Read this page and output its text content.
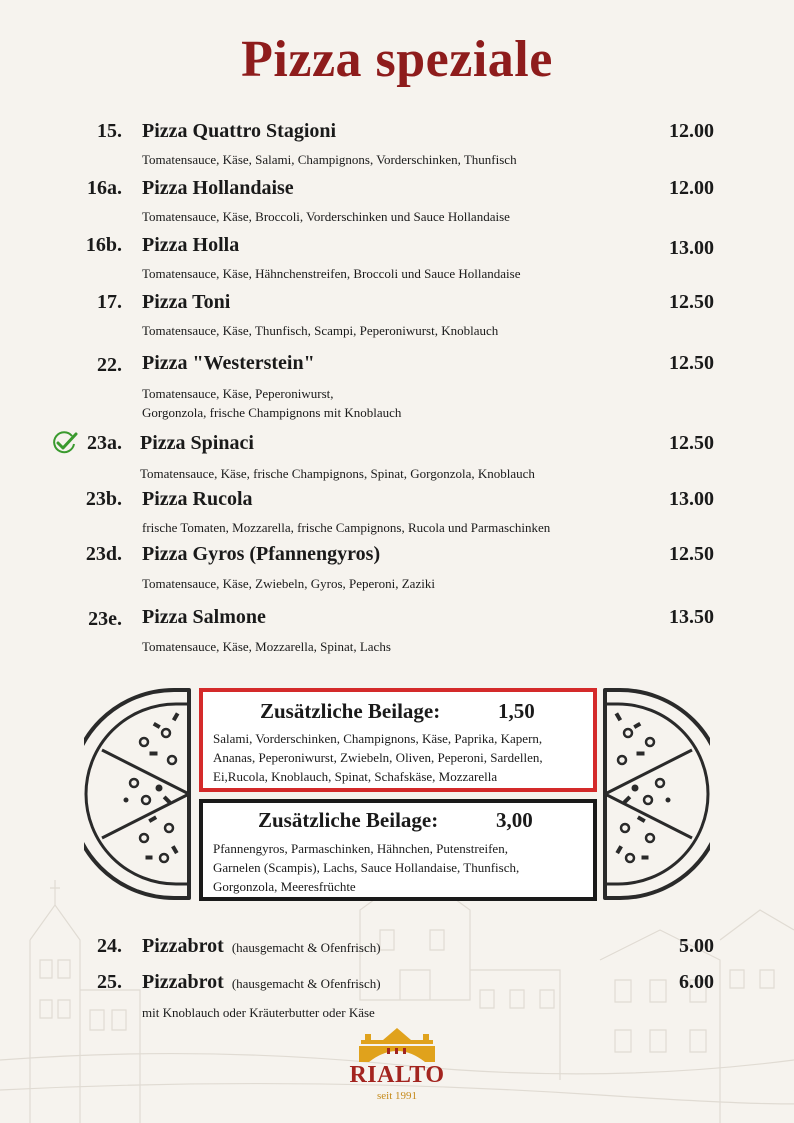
Pizza speziale
15. Pizza Quattro Stagioni	12.00
Tomatensauce, Käse, Salami, Champignons, Vorderschinken, Thunfisch
16a. Pizza Hollandaise	12.00
Tomatensauce, Käse, Broccoli, Vorderschinken und Sauce Hollandaise
16b. Pizza Holla	13.00
Tomatensauce, Käse, Hähnchenstreifen, Broccoli und Sauce Hollandaise
17. Pizza Toni	12.50
Tomatensauce, Käse, Thunfisch, Scampi, Peperoniwurst, Knoblauch
22. Pizza "Westerstein"	12.50
Tomatensauce, Käse, Peperoniwurst,
Gorgonzola, frische Champignons mit Knoblauch
23a. Pizza Spinaci	12.50
Tomatensauce, Käse, frische Champignons, Spinat, Gorgonzola, Knoblauch
23b. Pizza Rucola	13.00
frische Tomaten, Mozzarella, frische Campignons, Rucola und Parmaschinken
23d. Pizza Gyros (Pfannengyros)	12.50
Tomatensauce, Käse, Zwiebeln, Gyros, Peperoni, Zaziki
23e. Pizza Salmone	13.50
Tomatensauce, Käse, Mozzarella, Spinat, Lachs
Zusätzliche Beilage:	1,50
Salami, Vorderschinken, Champignons, Käse, Paprika, Kapern,
Ananas, Peperoniwurst, Zwiebeln, Oliven, Peperoni, Sardellen,
Ei,Rucola, Knoblauch, Spinat, Schafskäse, Mozzarella
Zusätzliche Beilage:	3,00
Pfannengyros, Parmaschinken, Hähnchen, Putenstreifen,
Garnelen (Scampis), Lachs, Sauce Hollandaise, Thunfisch,
Gorgonzola, Meeresfrüchte
24. Pizzabrot (hausgemacht & Ofenfrisch)	5.00
25. Pizzabrot (hausgemacht & Ofenfrisch)	6.00
mit Knoblauch oder Kräuterbutter oder Käse
RIALTO
seit 1991
